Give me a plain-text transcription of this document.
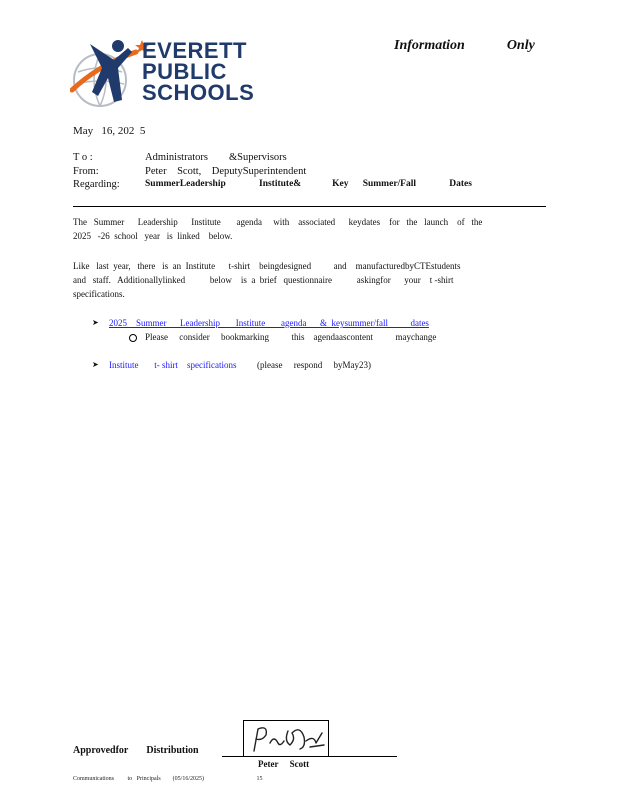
EVERETT
PUBLIC
SCHOOLS
Information	Only
May   16, 202  5
T o :	Administrators        &Supervisors
From:	Peter    Scott,    DeputySuperintendent
Regarding:	SummerLeadership              Institute&             Key      Summer/Fall              Dates
The   Summer      Leadership      Institute       agenda     with    associated      keydates    for   the   launch    of   the
2025   -26  school   year   is  linked    below.
Like   last  year,   there   is  an  Institute      t-shirt    beingdesigned          and    manufacturedbyCTEstudents
and   staff.   Additionallylinked           below    is  a  brief   questionnaire           askingfor      your    t -shirt
specifications.
➤ 2025    Summer      Leadership       Institute       agenda      &  keysummer/fall          dates
Please     consider     bookmarking          this    agendaascontent          maychange
➤ Institute       t- shirt    specifications (please     respond     byMay23)
Approvedfor Distribution
Peter     Scott
Communications         to   Principals        (05/16/2025)                                   15
